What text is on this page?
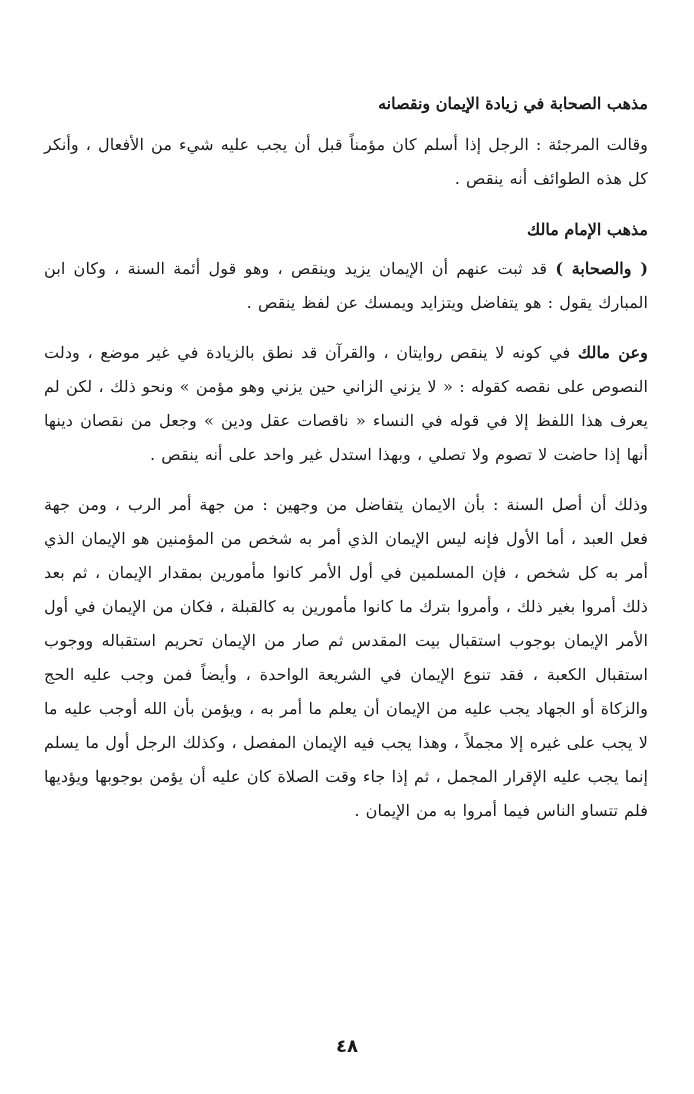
مذهب الصحابة في زيادة الإيمان ونقصانه

وقالت المرجئة : الرجل إذا أسلم كان مؤمناً قبل أن يجب عليه شيء من الأفعال ، وأنكر كل هذه الطوائف أنه ينقص .

مذهب الإمام مالك

( والصحابة ) قد ثبت عنهم أن الإيمان يزيد وينقص ، وهو قول أئمة السنة ، وكان ابن المبارك يقول : هو يتفاضل ويتزايد ويمسك عن لفظ ينقص .

وعن مالك في كونه لا ينقص روايتان ، والقرآن قد نطق بالزيادة في غير موضع ، ودلت النصوص على نقصه كقوله : « لا يزني الزاني حين يزني وهو مؤمن » ونحو ذلك ، لكن لم يعرف هذا اللفظ إلا في قوله في النساء « ناقصات عقل ودين » وجعل من نقصان دينها أنها إذا حاضت لا تصوم ولا تصلي ، وبهذا استدل غير واحد على أنه ينقص .

وذلك أن أصل السنة : بأن الايمان يتفاضل من وجهين : من جهة أمر الرب ، ومن جهة فعل العبد ، أما الأول فإنه ليس الإيمان الذي أمر به شخص من المؤمنين هو الإيمان الذي أمر به كل شخص ، فإن المسلمين في أول الأمر كانوا مأمورين بمقدار الإيمان ، ثم بعد ذلك أمروا بغير ذلك ، وأمروا بترك ما كانوا مأمورين به كالقبلة ، فكان من الإيمان في أول الأمر الإيمان بوجوب استقبال بيت المقدس ثم صار من الإيمان تحريم استقباله ووجوب استقبال الكعبة ، فقد تنوع الإيمان في الشريعة الواحدة ، وأيضاً فمن وجب عليه الحج والزكاة أو الجهاد يجب عليه من الإيمان أن يعلم ما أمر به ، ويؤمن بأن الله أوجب عليه ما لا يجب على غيره إلا مجملاً ، وهذا يجب فيه الإيمان المفصل ، وكذلك الرجل أول ما يسلم إنما يجب عليه الإقرار المجمل ، ثم إذا جاء وقت الصلاة كان عليه أن يؤمن بوجوبها ويؤديها فلم تتساو الناس فيما أمروا به من الإيمان .

٤٨
